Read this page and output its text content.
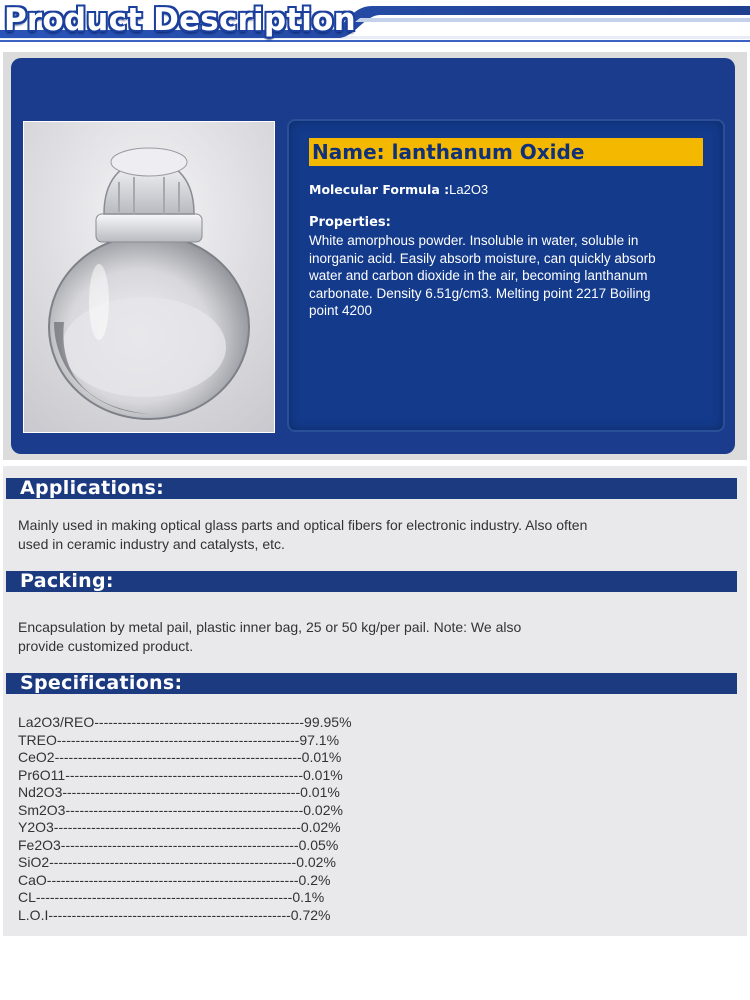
Product Description
Name: lanthanum Oxide
Molecular Formula :La2O3
Properties:
White amorphous powder. Insoluble in water, soluble in inorganic acid. Easily absorb moisture, can quickly absorb water and carbon dioxide in the air, becoming lanthanum carbonate. Density 6.51g/cm3. Melting point 2217 Boiling point 4200
Applications:
Mainly used in making optical glass parts and optical fibers for electronic industry. Also often used in ceramic industry and catalysts, etc.
Packing:
Encapsulation by metal pail, plastic inner bag, 25 or 50 kg/per pail. Note: We also provide customized product.
Specifications:
La2O3/REO---------------------------------------------99.95%
TREO----------------------------------------------------97.1%
CeO2-----------------------------------------------------0.01%
Pr6O11---------------------------------------------------0.01%
Nd2O3---------------------------------------------------0.01%
Sm2O3---------------------------------------------------0.02%
Y2O3-----------------------------------------------------0.02%
Fe2O3---------------------------------------------------0.05%
SiO2-----------------------------------------------------0.02%
CaO------------------------------------------------------0.2%
CL-------------------------------------------------------0.1%
L.O.I----------------------------------------------------0.72%
